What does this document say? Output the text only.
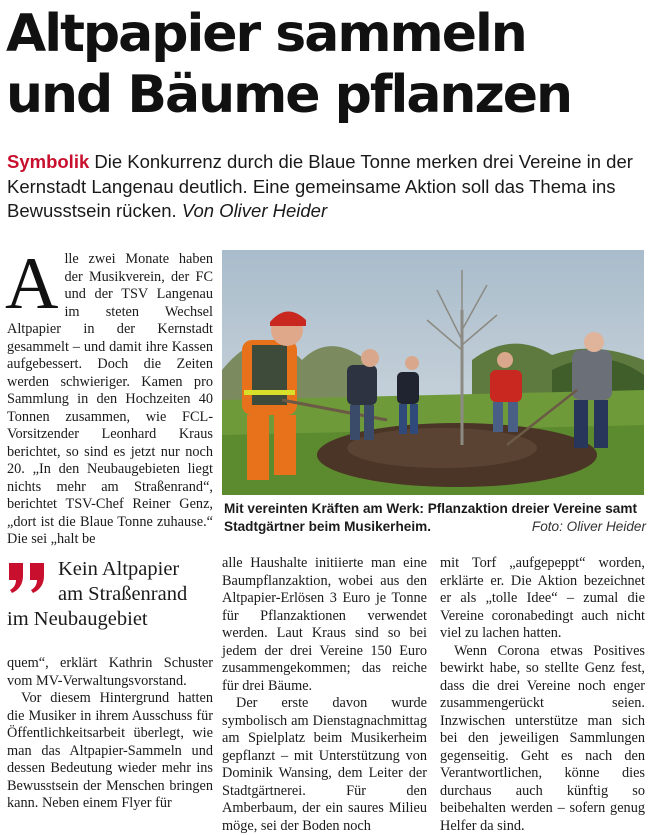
Altpapier sammeln
und Bäume pflanzen

Symbolik Die Konkurrenz durch die Blaue Tonne merken drei Vereine in der Kernstadt Langenau deutlich. Eine gemeinsame Aktion soll das Thema ins Bewusstsein rücken. Von Oliver Heider

A lle zwei Monate haben der Musikverein, der FC und der TSV Langenau im steten Wechsel Altpapier in der Kernstadt gesammelt – und damit ihre Kassen aufgebessert. Doch die Zeiten werden schwieriger. Kamen pro Sammlung in den Hochzeiten 40 Tonnen zusammen, wie FCL-Vorsitzender Leonhard Kraus berichtet, so sind es jetzt nur noch 20. „In den Neubaugebieten liegt nichts mehr am Straßenrand“, berichtet TSV-Chef Reiner Genz, „dort ist die Blaue Tonne zuhause.“ Die sei „halt be

Kein Altpapier
am Straßenrand
im Neubaugebiet

quem“, erklärt Kathrin Schuster vom MV-Verwaltungsvorstand.

Vor diesem Hintergrund hatten die Musiker in ihrem Ausschuss für Öffentlichkeitsarbeit überlegt, wie man das Altpapier-Sammeln und dessen Bedeutung wieder mehr ins Bewusstsein der Menschen bringen kann. Neben einem Flyer für

Mit vereinten Kräften am Werk: Pflanzaktion dreier Vereine samt Stadtgärtner beim Musikerheim.	Foto: Oliver Heider

alle Haushalte initiierte man eine Baumpflanzaktion, wobei aus den Altpapier-Erlösen 3 Euro je Tonne für Pflanzaktionen verwendet werden. Laut Kraus sind so bei jedem der drei Vereine 150 Euro zusammengekommen; das reiche für drei Bäume.

Der erste davon wurde symbolisch am Dienstagnachmittag am Spielplatz beim Musikerheim gepflanzt – mit Unterstützung von Dominik Wansing, dem Leiter der Stadtgärtnerei. Für den Amberbaum, der ein saures Milieu möge, sei der Boden noch

mit Torf „aufgepeppt“ worden, erklärte er. Die Aktion bezeichnet er als „tolle Idee“ – zumal die Vereine coronabedingt auch nicht viel zu lachen hatten.

Wenn Corona etwas Positives bewirkt habe, so stellte Genz fest, dass die drei Vereine noch enger zusammengerückt seien. Inzwischen unterstütze man sich bei den jeweiligen Sammlungen gegenseitig. Geht es nach den Verantwortlichen, könne dies durchaus auch künftig so beibehalten werden – sofern genug Helfer da sind.
